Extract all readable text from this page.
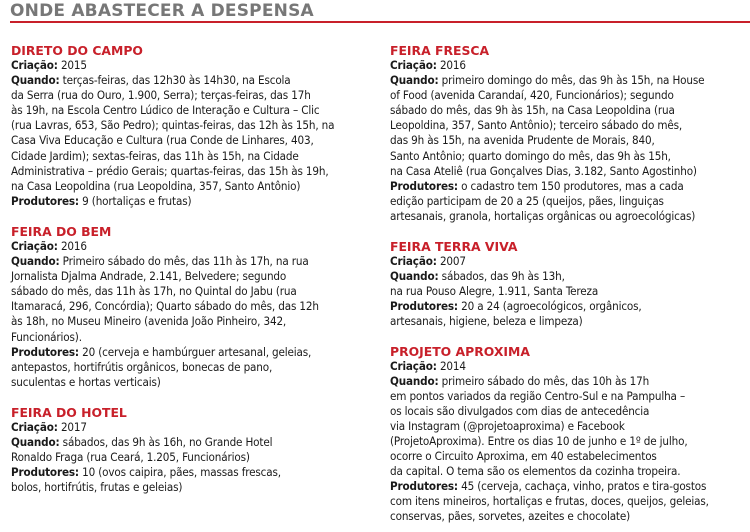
ONDE ABASTECER A DESPENSA
DIRETO DO CAMPO
Criação: 2015
Quando: terças-feiras, das 12h30 às 14h30, na Escola
da Serra (rua do Ouro, 1.900, Serra); terças-feiras, das 17h
às 19h, na Escola Centro Lúdico de Interação e Cultura – Clic
(rua Lavras, 653, São Pedro); quintas-feiras, das 12h às 15h, na
Casa Viva Educação e Cultura (rua Conde de Linhares, 403,
Cidade Jardim); sextas-feiras, das 11h às 15h, na Cidade
Administrativa – prédio Gerais; quartas-feiras, das 15h às 19h,
na Casa Leopoldina (rua Leopoldina, 357, Santo Antônio)
Produtores: 9 (hortaliças e frutas)
FEIRA DO BEM
Criação: 2016
Quando: Primeiro sábado do mês, das 11h às 17h, na rua
Jornalista Djalma Andrade, 2.141, Belvedere; segundo
sábado do mês, das 11h às 17h, no Quintal do Jabu (rua
Itamaracá, 296, Concórdia); Quarto sábado do mês, das 12h
às 18h, no Museu Mineiro (avenida João Pinheiro, 342,
Funcionários).
Produtores: 20 (cerveja e hambúrguer artesanal, geleias,
antepastos, hortifrútis orgânicos, bonecas de pano,
suculentas e hortas verticais)
FEIRA DO HOTEL
Criação: 2017
Quando: sábados, das 9h às 16h, no Grande Hotel
Ronaldo Fraga (rua Ceará, 1.205, Funcionários)
Produtores: 10 (ovos caipira, pães, massas frescas,
bolos, hortifrútis, frutas e geleias)
FEIRA FRESCA
Criação: 2016
Quando: primeiro domingo do mês, das 9h às 15h, na House
of Food (avenida Carandaí, 420, Funcionários); segundo
sábado do mês, das 9h às 15h, na Casa Leopoldina (rua
Leopoldina, 357, Santo Antônio); terceiro sábado do mês,
das 9h às 15h, na avenida Prudente de Morais, 840,
Santo Antônio; quarto domingo do mês, das 9h às 15h,
na Casa Ateliê (rua Gonçalves Dias, 3.182, Santo Agostinho)
Produtores: o cadastro tem 150 produtores, mas a cada
edição participam de 20 a 25 (queijos, pães, linguiças
artesanais, granola, hortaliças orgânicas ou agroecológicas)
FEIRA TERRA VIVA
Criação: 2007
Quando: sábados, das 9h às 13h,
na rua Pouso Alegre, 1.911, Santa Tereza
Produtores: 20 a 24 (agroecológicos, orgânicos,
artesanais, higiene, beleza e limpeza)
PROJETO APROXIMA
Criação: 2014
Quando: primeiro sábado do mês, das 10h às 17h
em pontos variados da região Centro-Sul e na Pampulha –
os locais são divulgados com dias de antecedência
via Instagram (@projetoaproxima) e Facebook
(ProjetoAproxima). Entre os dias 10 de junho e 1º de julho,
ocorre o Circuito Aproxima, em 40 estabelecimentos
da capital. O tema são os elementos da cozinha tropeira.
Produtores: 45 (cerveja, cachaça, vinho, pratos e tira-gostos
com itens mineiros, hortaliças e frutas, doces, queijos, geleias,
conservas, pães, sorvetes, azeites e chocolate)
